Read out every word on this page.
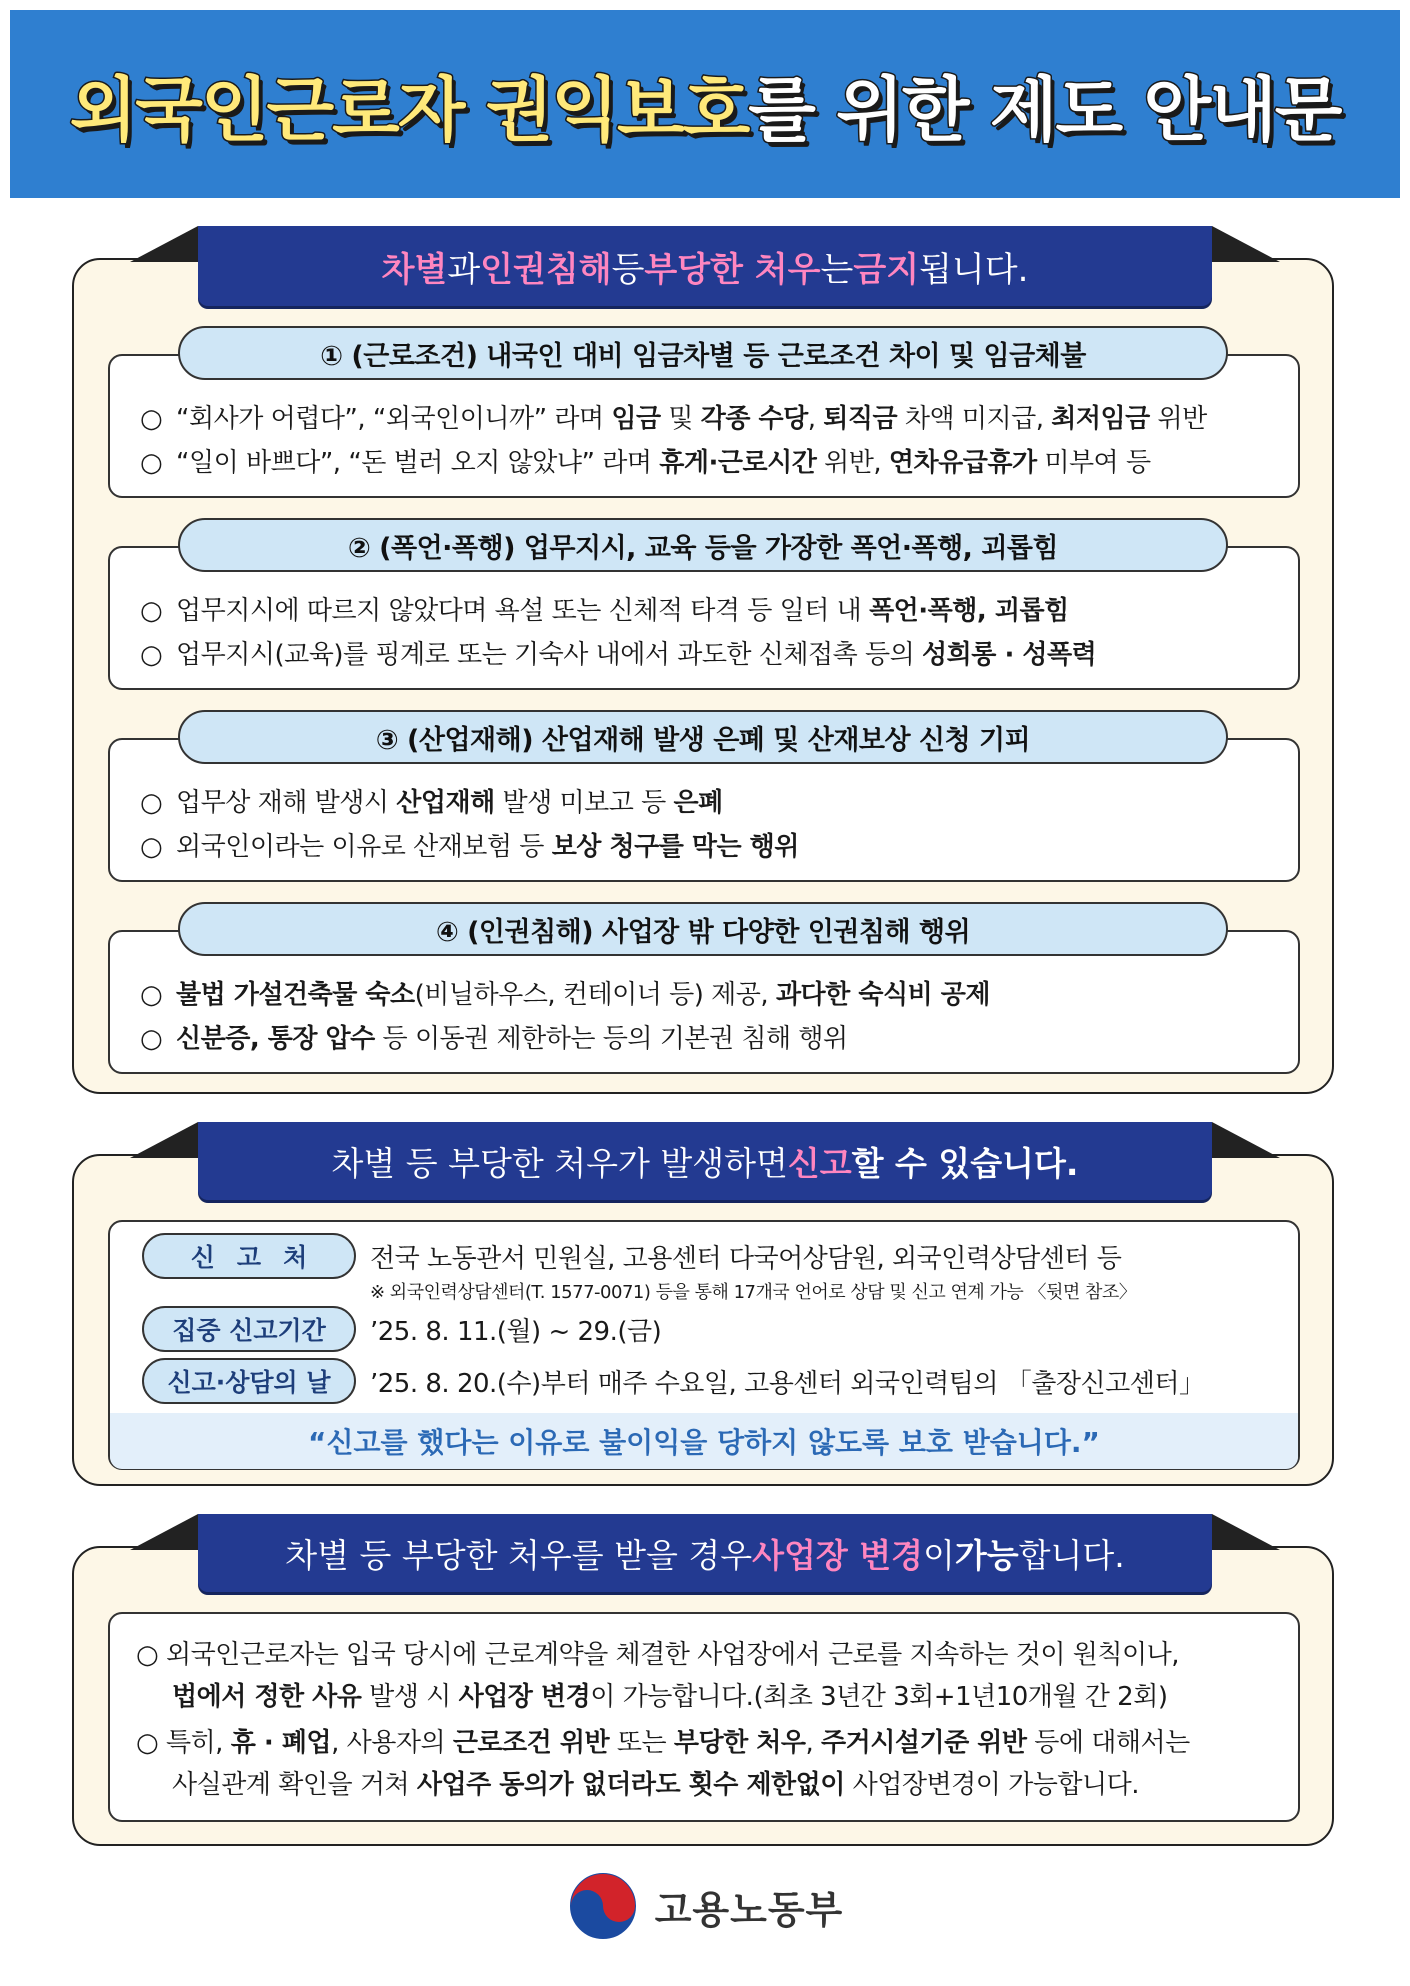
외국인근로자 권익보호를 위한 제도 안내문
차별 과 인권침해 등 부당한 처우 는 금지 됩니다.
① (근로조건) 내국인 대비 임금차별 등 근로조건 차이 및 임금체불
○ “회사가 어렵다”, “외국인이니까” 라며 임금 및 각종 수당, 퇴직금 차액 미지급, 최저임금 위반
○ “일이 바쁘다”, “돈 벌러 오지 않았냐” 라며 휴게·근로시간 위반, 연차유급휴가 미부여 등
② (폭언·폭행) 업무지시, 교육 등을 가장한 폭언·폭행, 괴롭힘
○ 업무지시에 따르지 않았다며 욕설 또는 신체적 타격 등 일터 내 폭언·폭행, 괴롭힘
○ 업무지시(교육)를 핑계로 또는 기숙사 내에서 과도한 신체접촉 등의 성희롱 · 성폭력
③ (산업재해) 산업재해 발생 은폐 및 산재보상 신청 기피
○ 업무상 재해 발생시 산업재해 발생 미보고 등 은폐
○ 외국인이라는 이유로 산재보험 등 보상 청구를 막는 행위
④ (인권침해) 사업장 밖 다양한 인권침해 행위
○ 불법 가설건축물 숙소(비닐하우스, 컨테이너 등) 제공, 과다한 숙식비 공제
○ 신분증, 통장 압수 등 이동권 제한하는 등의 기본권 침해 행위
차별 등 부당한 처우가 발생하면 신고 할 수 있습니다.
신고처	전국 노동관서 민원실, 고용센터 다국어상담원, 외국인력상담센터 등
※ 외국인력상담센터(T. 1577-0071) 등을 통해 17개국 언어로 상담 및 신고 연계 가능 〈뒷면 참조〉
집중 신고기간	’25. 8. 11.(월) ~ 29.(금)
신고·상담의 날	’25. 8. 20.(수)부터 매주 수요일, 고용센터 외국인력팀의 「출장신고센터」
“신고를 했다는 이유로 불이익을 당하지 않도록 보호 받습니다.”
차별 등 부당한 처우를 받을 경우 사업장 변경 이 가능 합니다.
○ 외국인근로자는 입국 당시에 근로계약을 체결한 사업장에서 근로를 지속하는 것이 원칙이나,
법에서 정한 사유 발생 시 사업장 변경이 가능합니다.(최초 3년간 3회+1년10개월 간 2회)
○ 특히, 휴 · 폐업, 사용자의 근로조건 위반 또는 부당한 처우, 주거시설기준 위반 등에 대해서는
사실관계 확인을 거쳐 사업주 동의가 없더라도 횟수 제한없이 사업장변경이 가능합니다.
고용노동부
